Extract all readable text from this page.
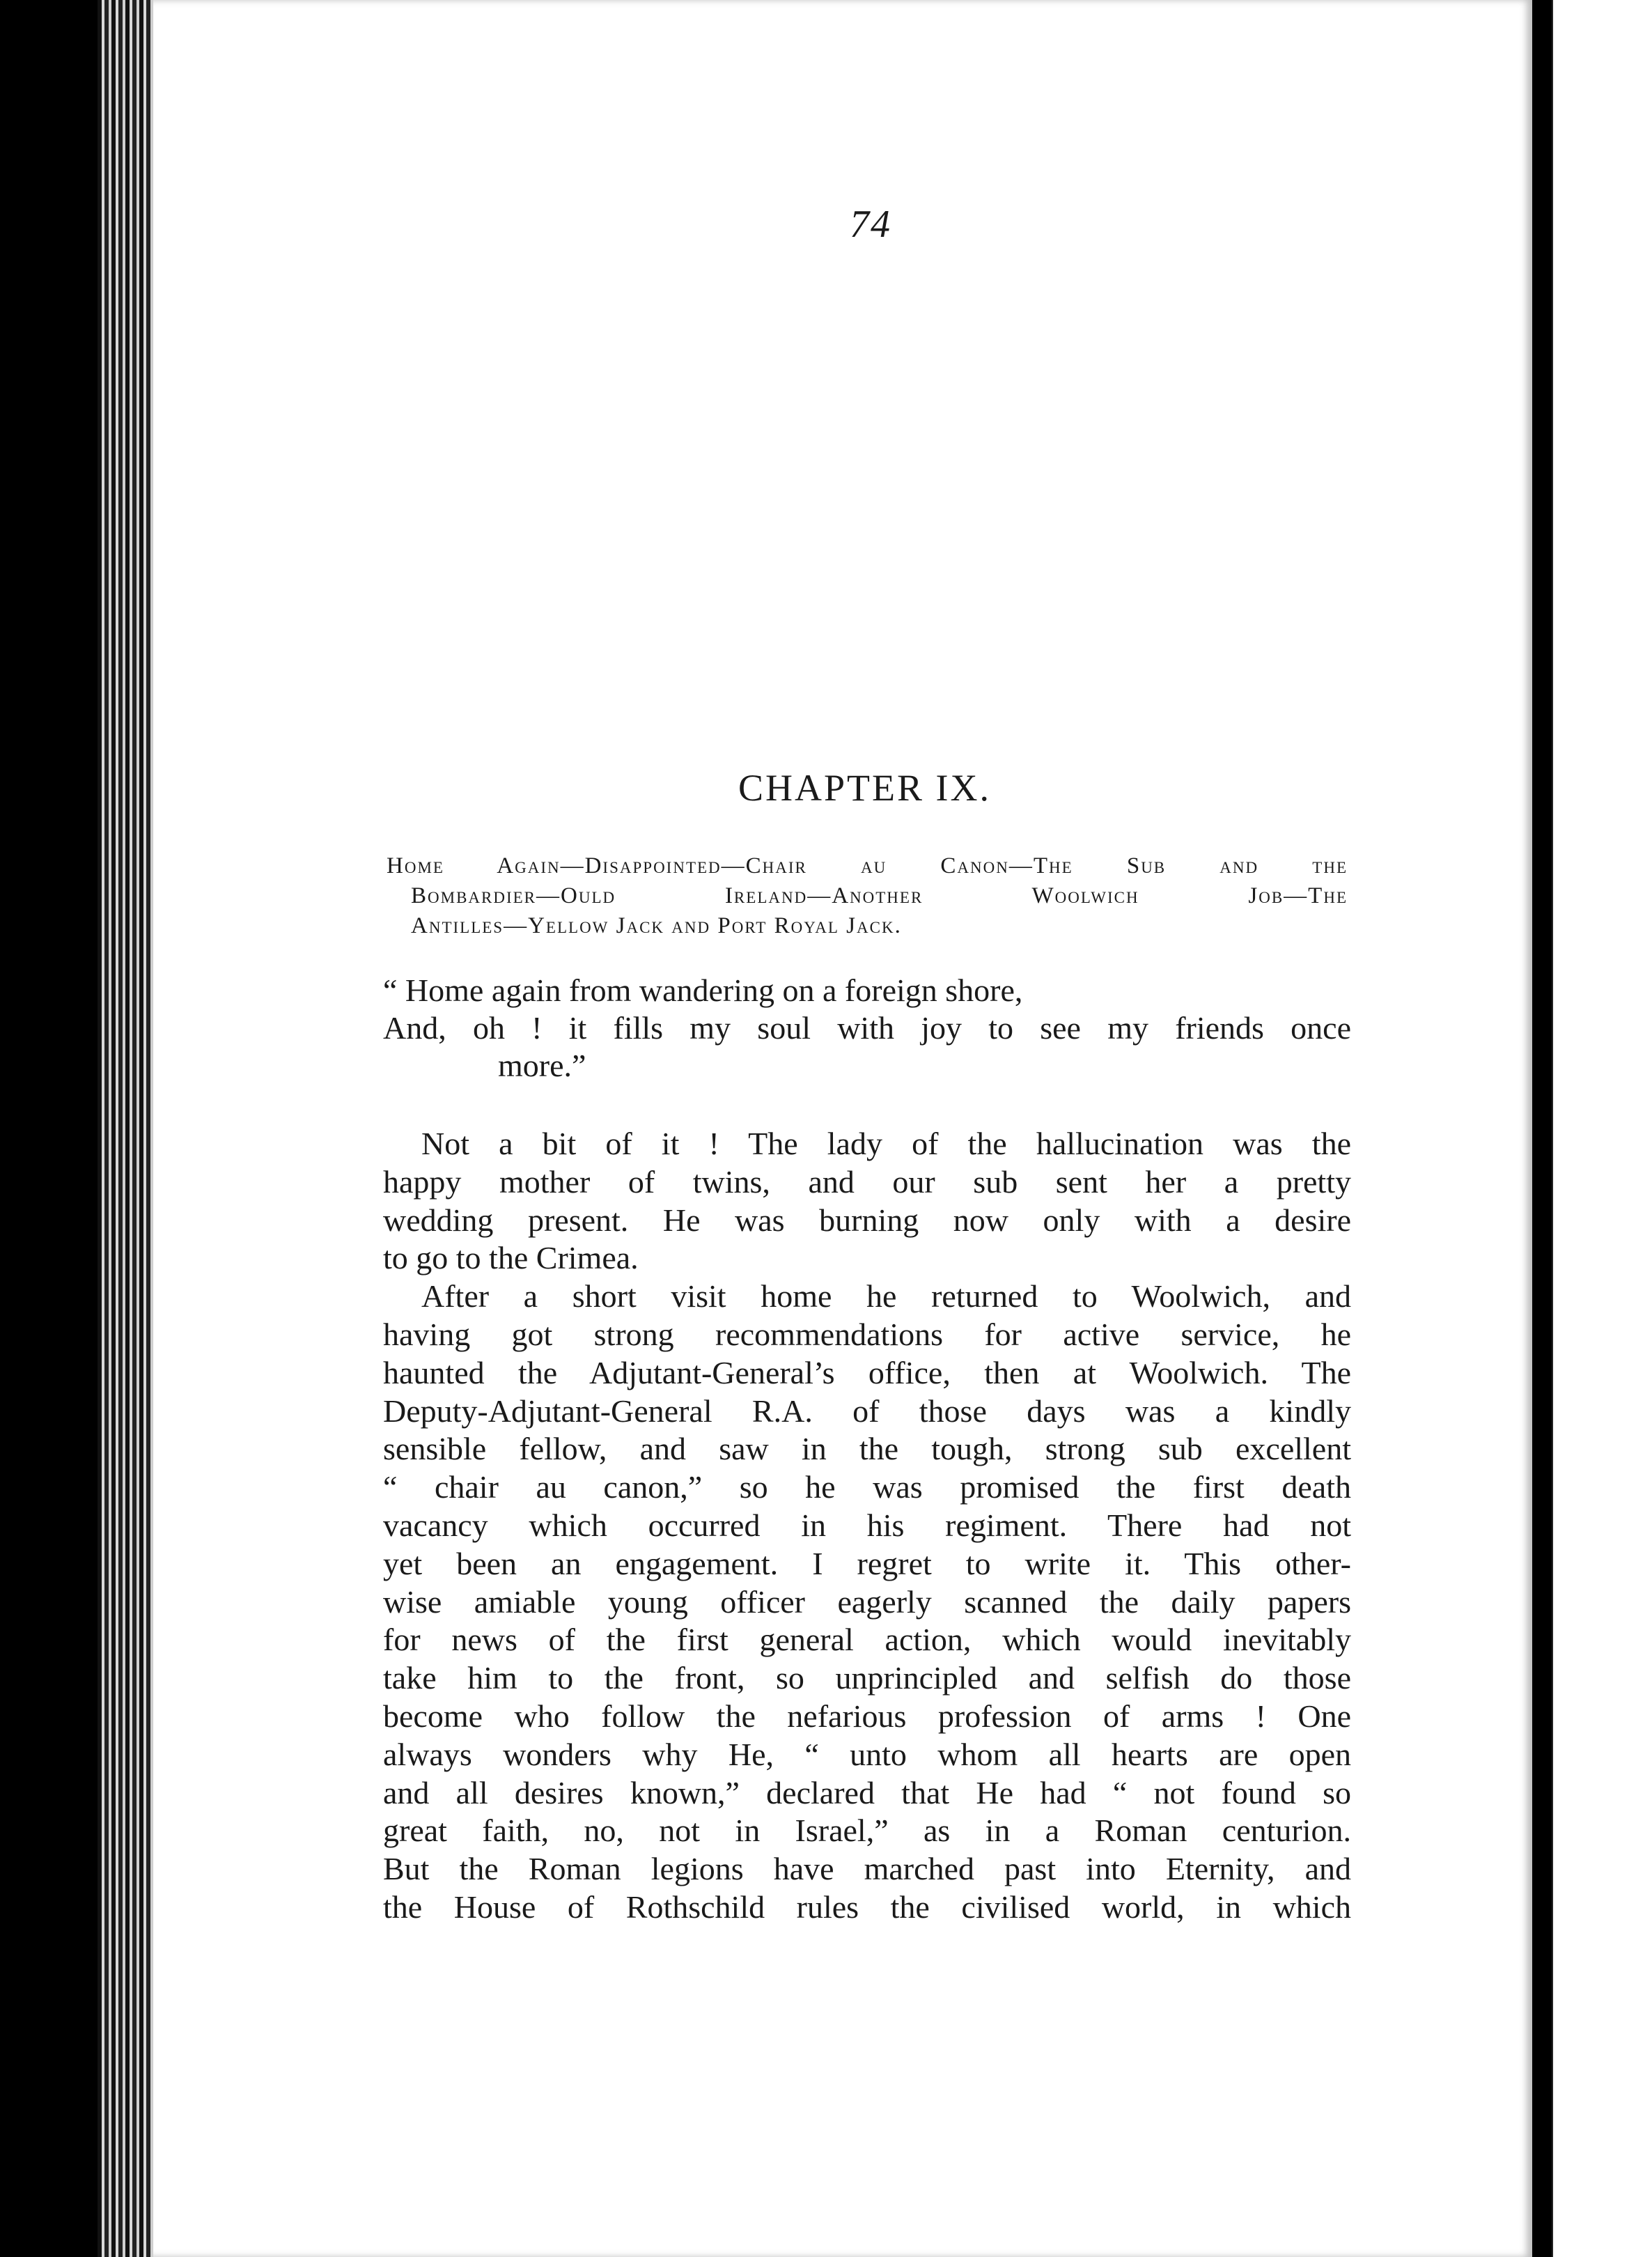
74
CHAPTER IX.
Home Again—Disappointed—Chair au Canon—The Sub and the
Bombardier—Ould Ireland—Another Woolwich Job—The
Antilles—Yellow Jack and Port Royal Jack.
“ Home again from wandering on a foreign shore,
And, oh ! it fills my soul with joy to see my friends once
more.”
Not a bit of it ! The lady of the hallucination was the
happy mother of twins, and our sub sent her a pretty
wedding present. He was burning now only with a desire
to go to the Crimea.
After a short visit home he returned to Woolwich, and
having got strong recommendations for active service, he
haunted the Adjutant-General’s office, then at Woolwich. The
Deputy-Adjutant-General R.A. of those days was a kindly
sensible fellow, and saw in the tough, strong sub excellent
“ chair au canon,” so he was promised the first death
vacancy which occurred in his regiment. There had not
yet been an engagement. I regret to write it. This other-
wise amiable young officer eagerly scanned the daily papers
for news of the first general action, which would inevitably
take him to the front, so unprincipled and selfish do those
become who follow the nefarious profession of arms ! One
always wonders why He, “ unto whom all hearts are open
and all desires known,” declared that He had “ not found so
great faith, no, not in Israel,” as in a Roman centurion.
But the Roman legions have marched past into Eternity, and
the House of Rothschild rules the civilised world, in which
